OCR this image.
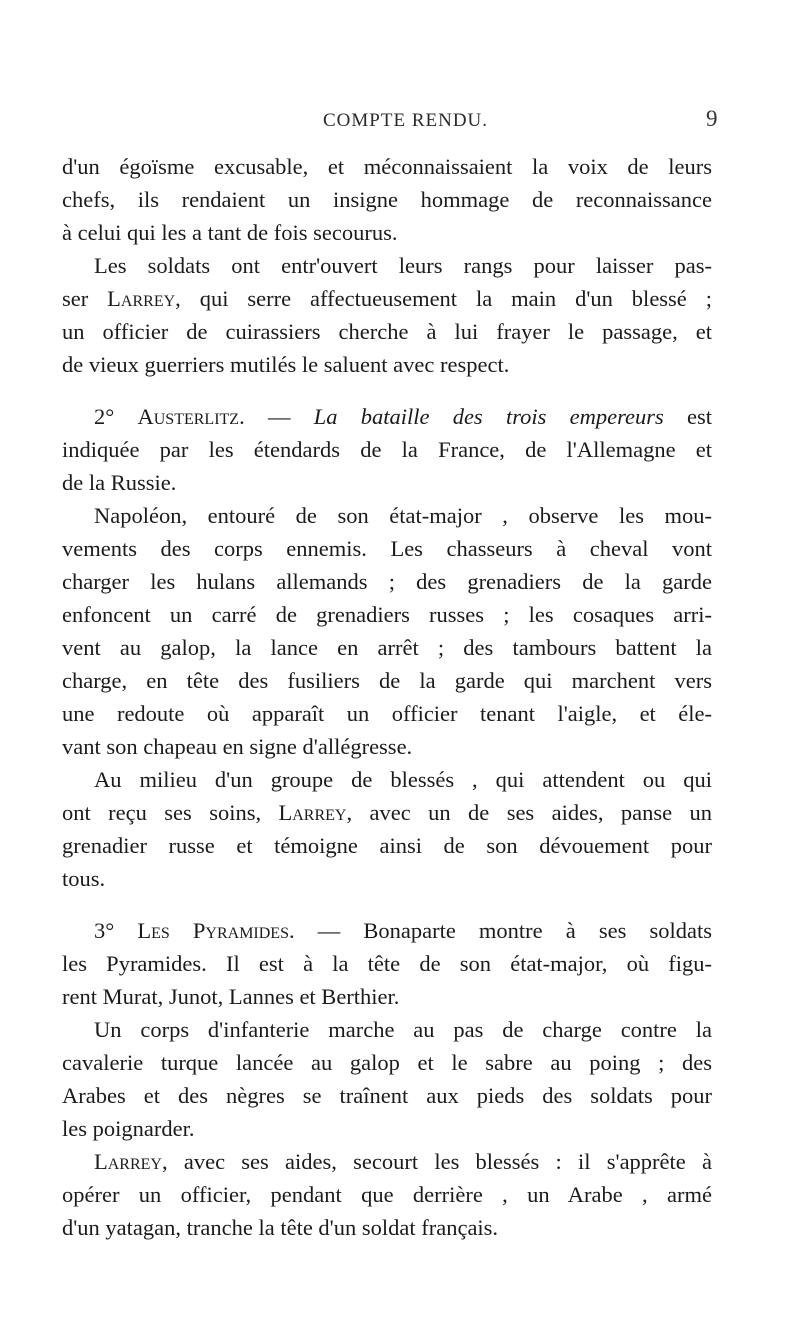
COMPTE RENDU.	9

d'un égoïsme excusable, et méconnaissaient la voix de leurs
chefs, ils rendaient un insigne hommage de reconnaissance
à celui qui les a tant de fois secourus.

Les soldats ont entr'ouvert leurs rangs pour laisser pas-
ser Larrey, qui serre affectueusement la main d'un blessé ;
un officier de cuirassiers cherche à lui frayer le passage, et
de vieux guerriers mutilés le saluent avec respect.

2° Austerlitz. — La bataille des trois empereurs est
indiquée par les étendards de la France, de l'Allemagne et
de la Russie.

Napoléon, entouré de son état-major , observe les mou-
vements des corps ennemis. Les chasseurs à cheval vont
charger les hulans allemands ; des grenadiers de la garde
enfoncent un carré de grenadiers russes ; les cosaques arri-
vent au galop, la lance en arrêt ; des tambours battent la
charge, en tête des fusiliers de la garde qui marchent vers
une redoute où apparaît un officier tenant l'aigle, et éle-
vant son chapeau en signe d'allégresse.

Au milieu d'un groupe de blessés , qui attendent ou qui
ont reçu ses soins, Larrey, avec un de ses aides, panse un
grenadier russe et témoigne ainsi de son dévouement pour
tous.

3° Les Pyramides. — Bonaparte montre à ses soldats
les Pyramides. Il est à la tête de son état-major, où figu-
rent Murat, Junot, Lannes et Berthier.

Un corps d'infanterie marche au pas de charge contre la
cavalerie turque lancée au galop et le sabre au poing ; des
Arabes et des nègres se traînent aux pieds des soldats pour
les poignarder.

Larrey, avec ses aides, secourt les blessés : il s'apprête à
opérer un officier, pendant que derrière , un Arabe , armé
d'un yatagan, tranche la tête d'un soldat français.
